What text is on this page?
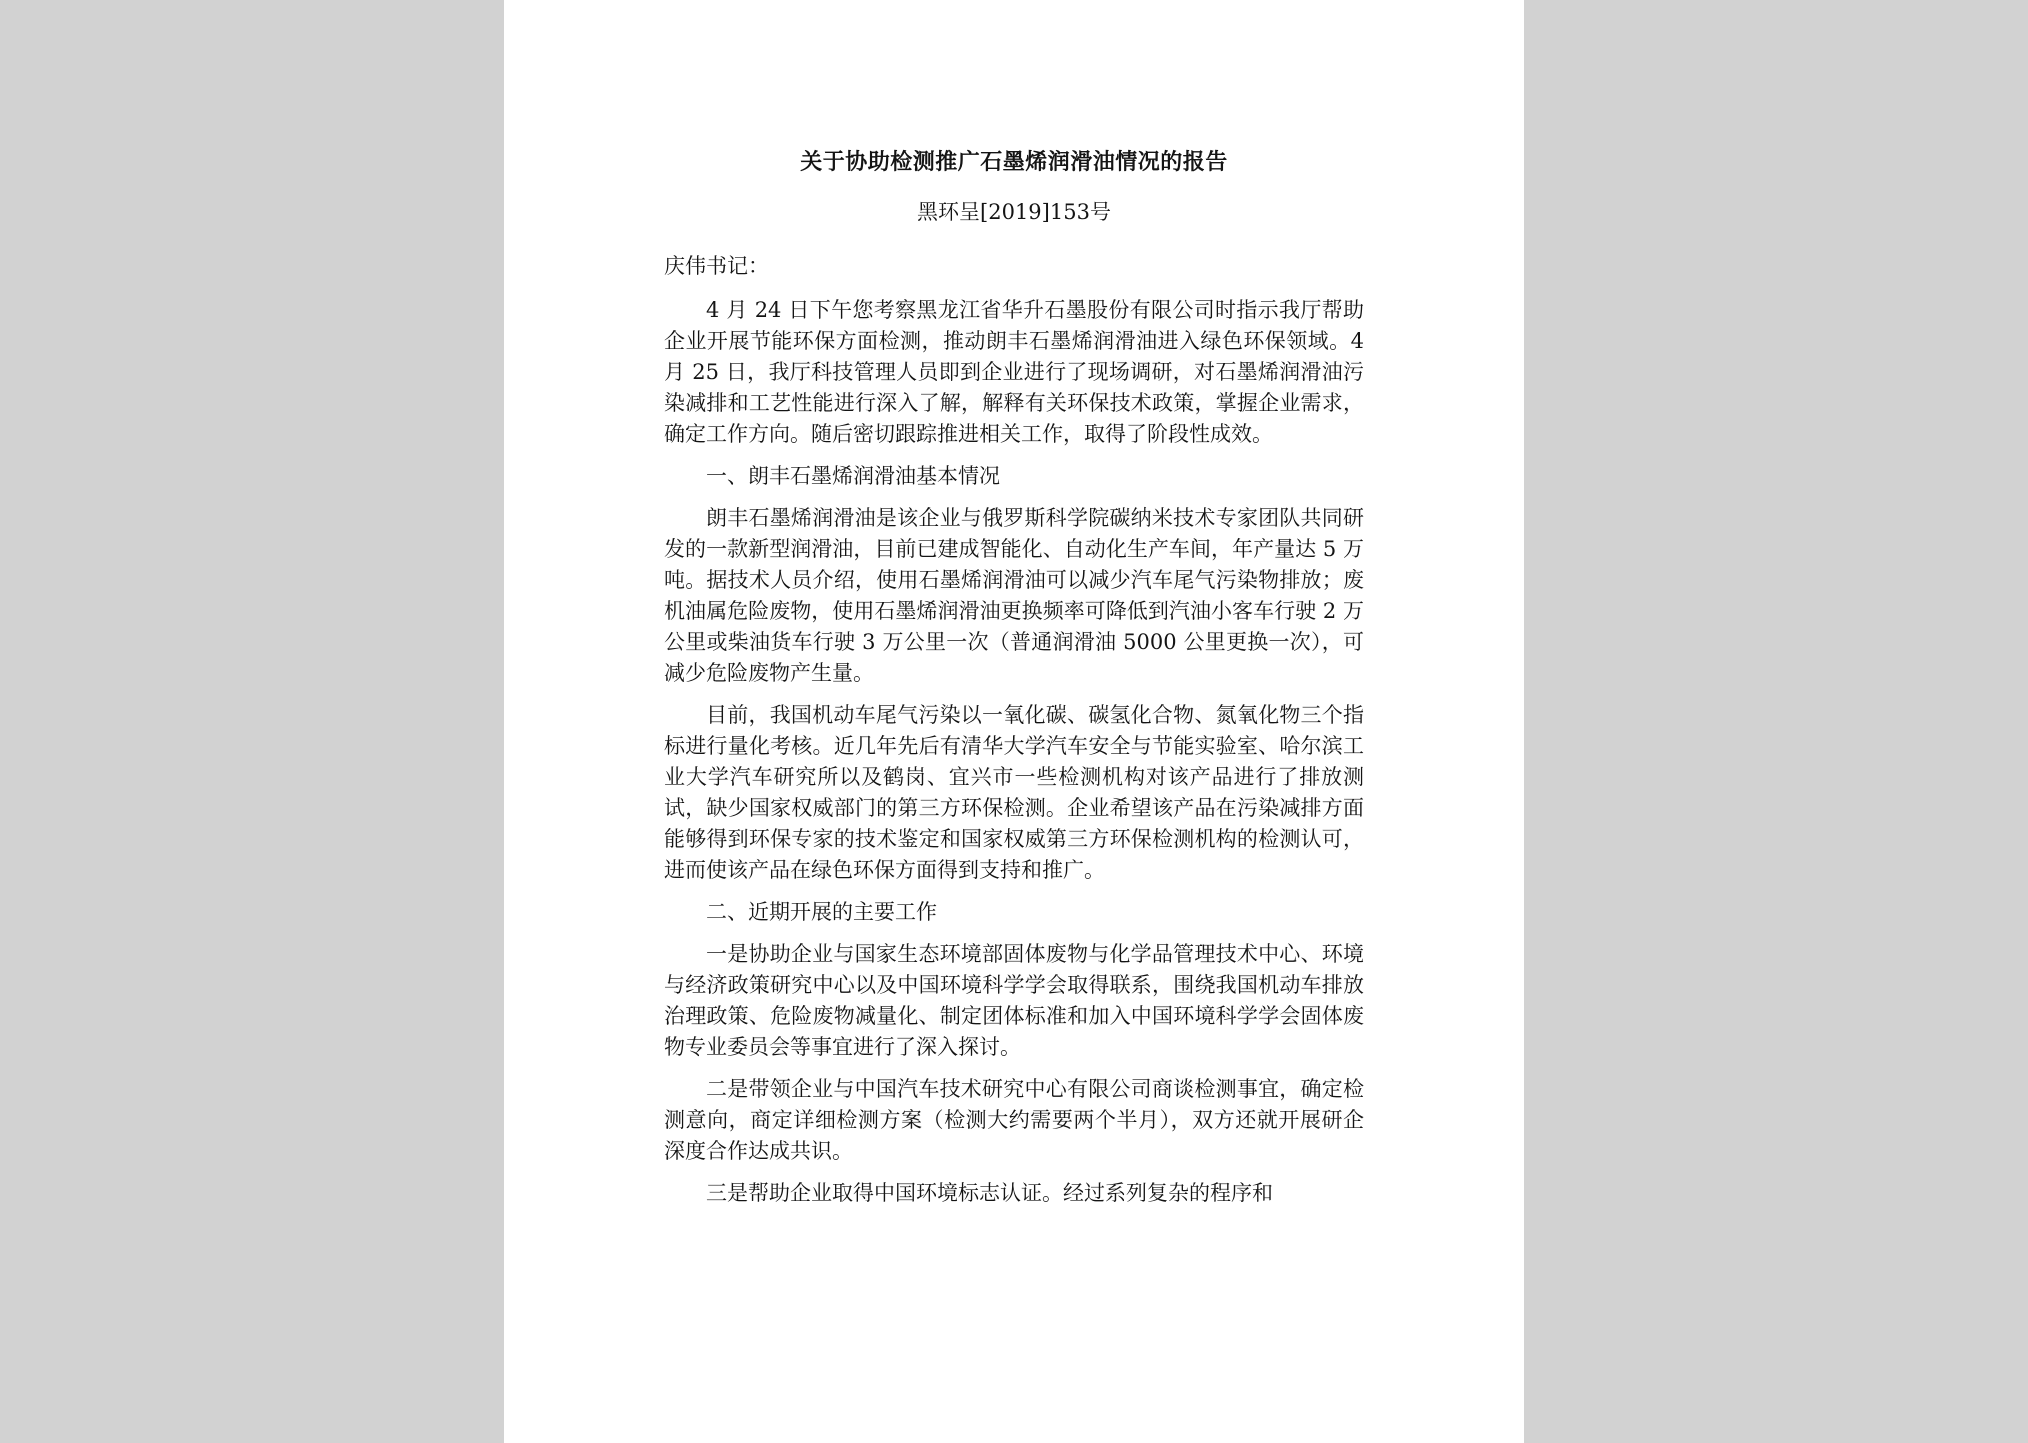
关于协助检测推广石墨烯润滑油情况的报告

黑环呈[2019]153号

庆伟书记：

4 月 24 日下午您考察黑龙江省华升石墨股份有限公司时指示我厅帮助企业开展节能环保方面检测，推动朗丰石墨烯润滑油进入绿色环保领域。4 月 25 日，我厅科技管理人员即到企业进行了现场调研，对石墨烯润滑油污染减排和工艺性能进行深入了解，解释有关环保技术政策，掌握企业需求，确定工作方向。随后密切跟踪推进相关工作，取得了阶段性成效。

一、朗丰石墨烯润滑油基本情况

朗丰石墨烯润滑油是该企业与俄罗斯科学院碳纳米技术专家团队共同研发的一款新型润滑油，目前已建成智能化、自动化生产车间，年产量达 5 万吨。据技术人员介绍，使用石墨烯润滑油可以减少汽车尾气污染物排放；废机油属危险废物，使用石墨烯润滑油更换频率可降低到汽油小客车行驶 2 万公里或柴油货车行驶 3 万公里一次（普通润滑油 5000 公里更换一次），可减少危险废物产生量。

目前，我国机动车尾气污染以一氧化碳、碳氢化合物、氮氧化物三个指标进行量化考核。近几年先后有清华大学汽车安全与节能实验室、哈尔滨工业大学汽车研究所以及鹤岗、宜兴市一些检测机构对该产品进行了排放测试，缺少国家权威部门的第三方环保检测。企业希望该产品在污染减排方面能够得到环保专家的技术鉴定和国家权威第三方环保检测机构的检测认可，进而使该产品在绿色环保方面得到支持和推广。

二、近期开展的主要工作

一是协助企业与国家生态环境部固体废物与化学品管理技术中心、环境与经济政策研究中心以及中国环境科学学会取得联系，围绕我国机动车排放治理政策、危险废物减量化、制定团体标准和加入中国环境科学学会固体废物专业委员会等事宜进行了深入探讨。

二是带领企业与中国汽车技术研究中心有限公司商谈检测事宜，确定检测意向，商定详细检测方案（检测大约需要两个半月），双方还就开展研企深度合作达成共识。

三是帮助企业取得中国环境标志认证。经过系列复杂的程序和
